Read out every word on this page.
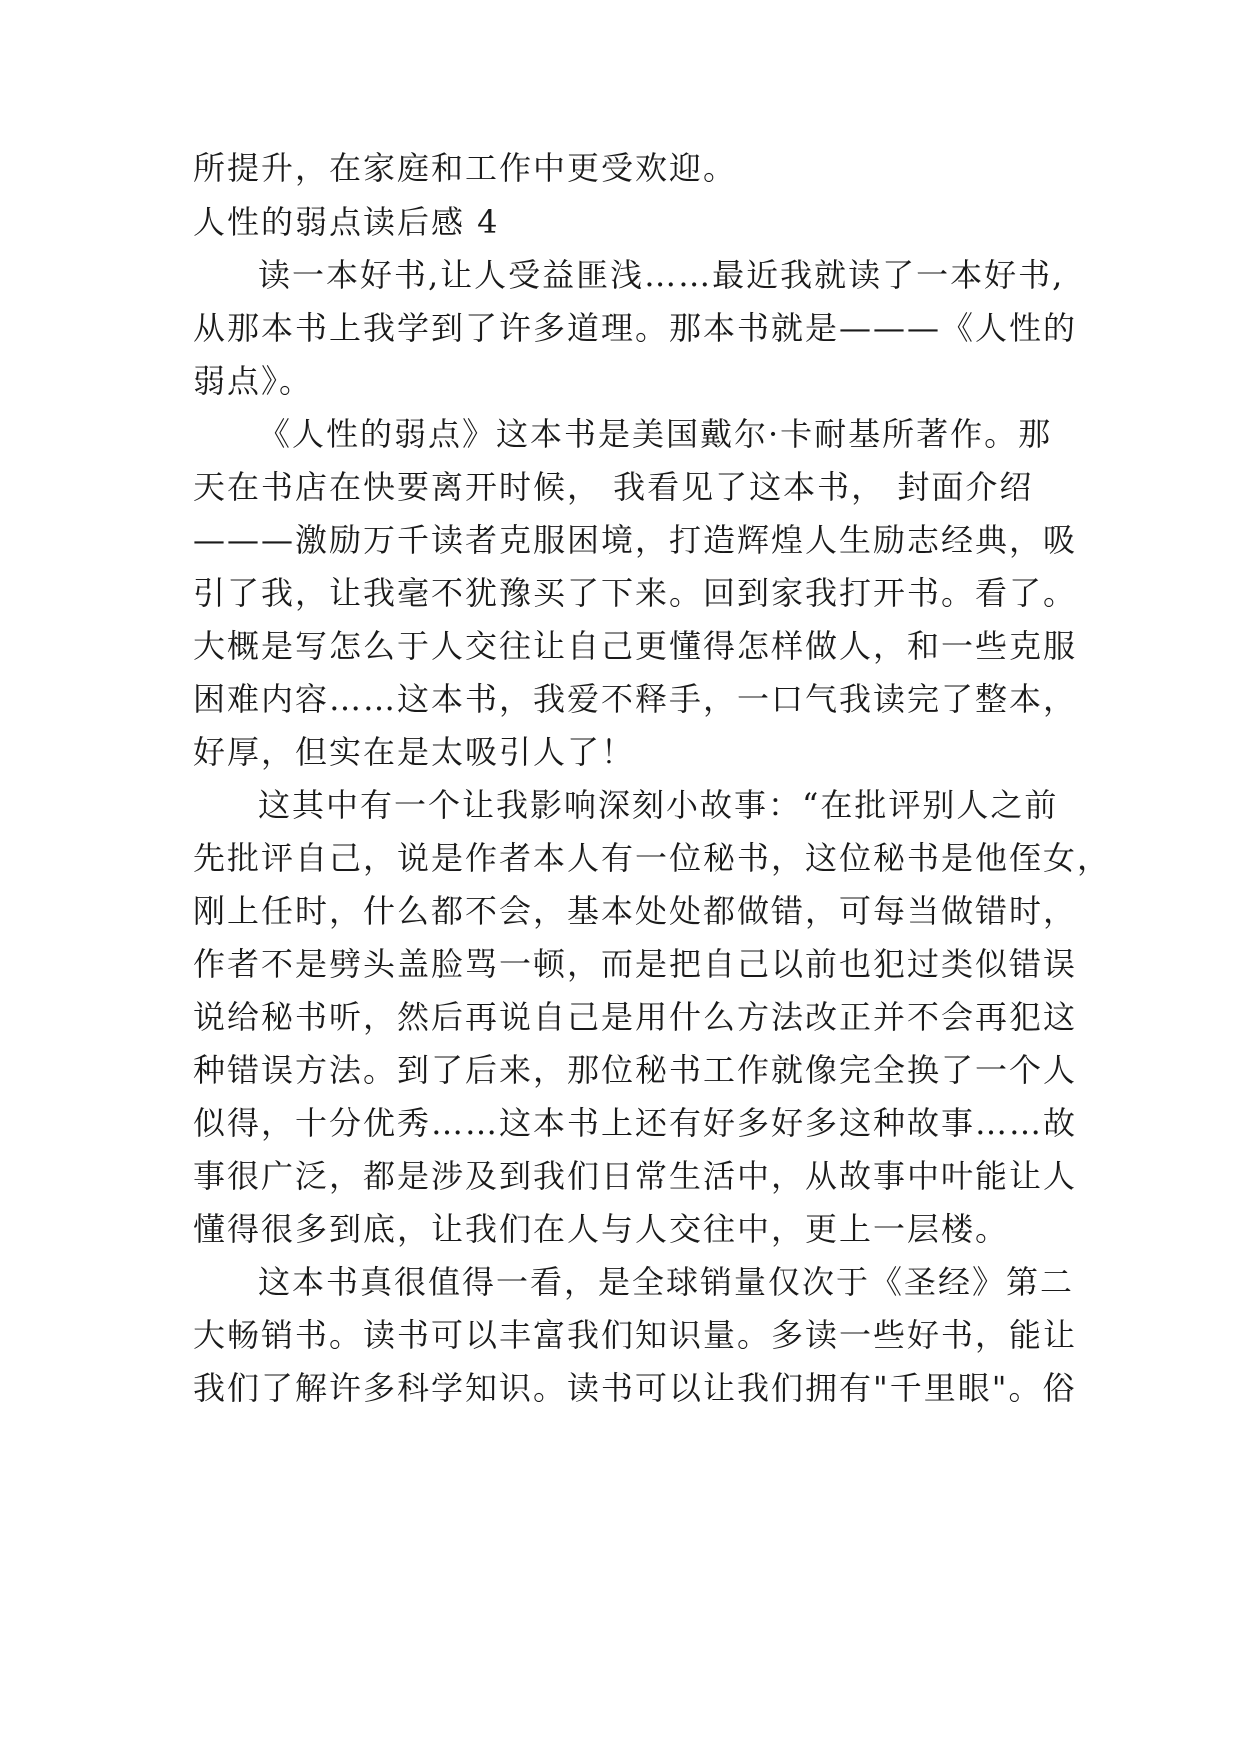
所提升，在家庭和工作中更受欢迎。
人性的弱点读后感 4
读一本好书,让人受益匪浅……最近我就读了一本好书,
从那本书上我学到了许多道理。那本书就是———《人性的
弱点》。
《人性的弱点》这本书是美国戴尔·卡耐基所著作。那
天在书店在快要离开时候， 我看见了这本书， 封面介绍
———激励万千读者克服困境，打造辉煌人生励志经典，吸
引了我，让我毫不犹豫买了下来。回到家我打开书。看了。
大概是写怎么于人交往让自己更懂得怎样做人，和一些克服
困难内容……这本书，我爱不释手，一口气我读完了整本，
好厚，但实在是太吸引人了！
这其中有一个让我影响深刻小故事：“在批评别人之前
先批评自己，说是作者本人有一位秘书，这位秘书是他侄女，
刚上任时，什么都不会，基本处处都做错，可每当做错时，
作者不是劈头盖脸骂一顿，而是把自己以前也犯过类似错误
说给秘书听，然后再说自己是用什么方法改正并不会再犯这
种错误方法。到了后来，那位秘书工作就像完全换了一个人
似得，十分优秀……这本书上还有好多好多这种故事……故
事很广泛，都是涉及到我们日常生活中，从故事中叶能让人
懂得很多到底，让我们在人与人交往中，更上一层楼。
这本书真很值得一看，是全球销量仅次于《圣经》第二
大畅销书。读书可以丰富我们知识量。多读一些好书，能让
我们了解许多科学知识。读书可以让我们拥有"千里眼"。俗
